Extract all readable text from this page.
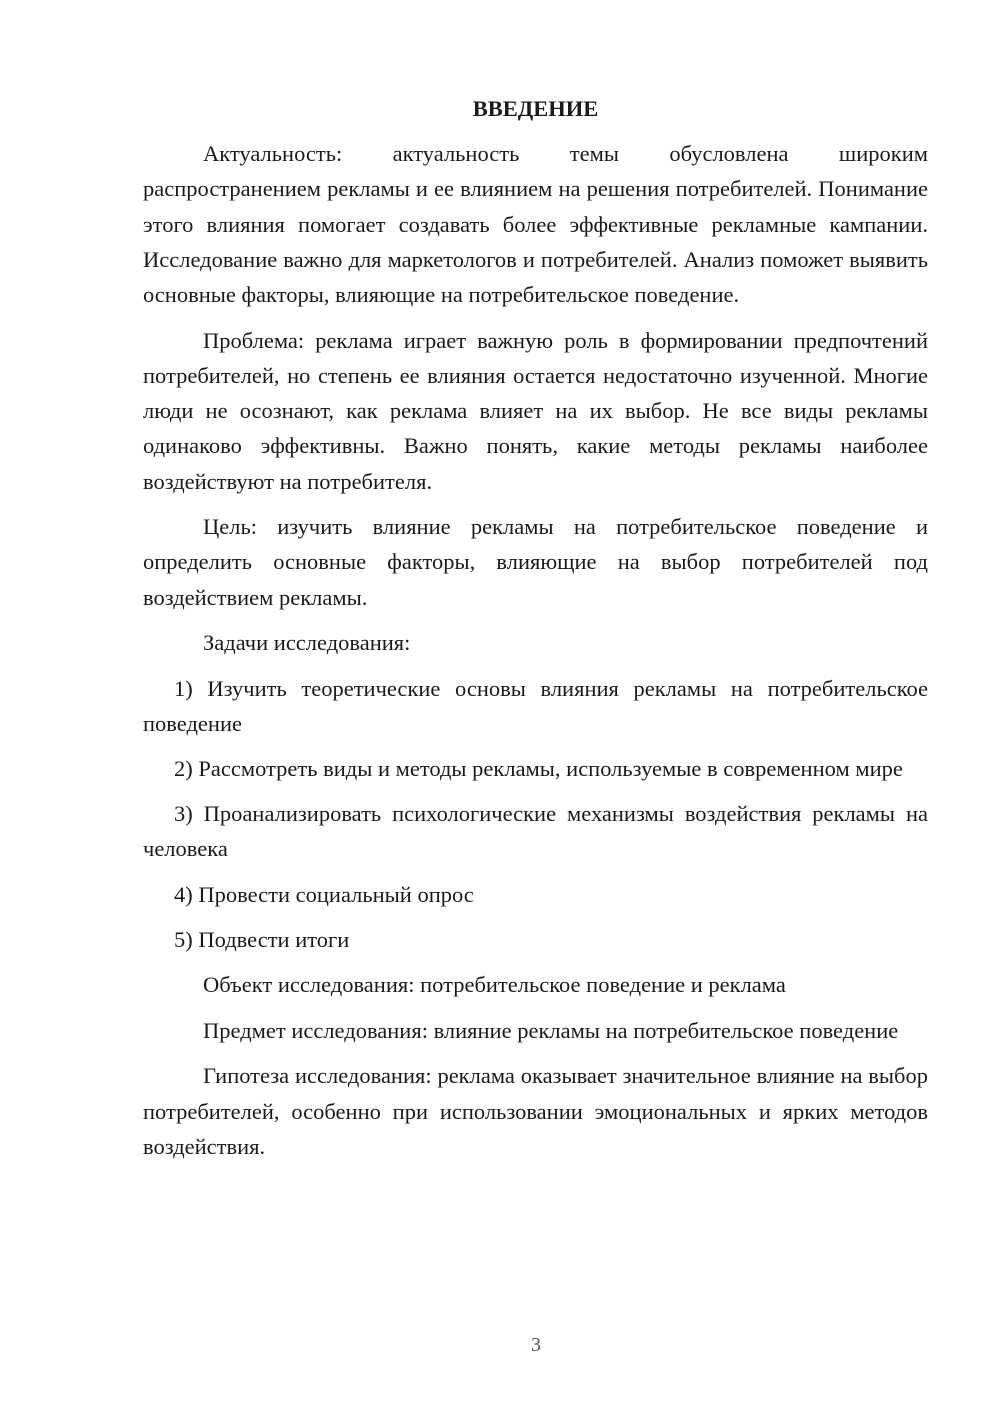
ВВЕДЕНИЕ

Актуальность: актуальность темы обусловлена широким распространением рекламы и ее влиянием на решения потребителей. Понимание этого влияния помогает создавать более эффективные рекламные кампании. Исследование важно для маркетологов и потребителей. Анализ поможет выявить основные факторы, влияющие на потребительское поведение.

Проблема: реклама играет важную роль в формировании предпочтений потребителей, но степень ее влияния остается недостаточно изученной. Многие люди не осознают, как реклама влияет на их выбор. Не все виды рекламы одинаково эффективны. Важно понять, какие методы рекламы наиболее воздействуют на потребителя.

Цель: изучить влияние рекламы на потребительское поведение и определить основные факторы, влияющие на выбор потребителей под воздействием рекламы.

Задачи исследования:

1) Изучить теоретические основы влияния рекламы на потребительское поведение

2) Рассмотреть виды и методы рекламы, используемые в современном мире

3) Проанализировать психологические механизмы воздействия рекламы на человека

4) Провести социальный опрос

5) Подвести итоги

Объект исследования: потребительское поведение и реклама

Предмет исследования: влияние рекламы на потребительское поведение

Гипотеза исследования: реклама оказывает значительное влияние на выбор потребителей, особенно при использовании эмоциональных и ярких методов воздействия.

3
